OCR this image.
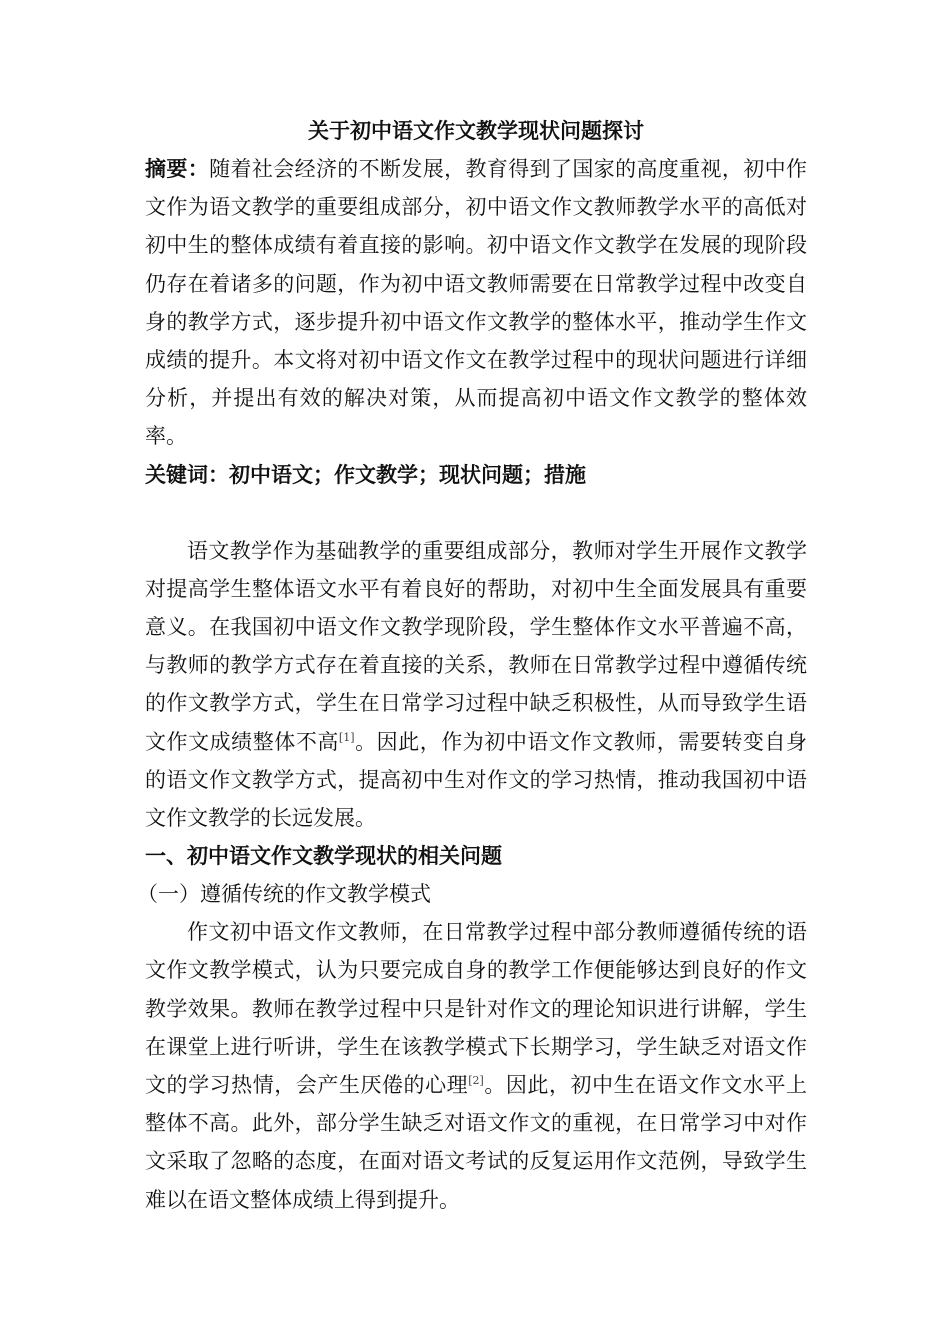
关于初中语文作文教学现状问题探讨

摘要：随着社会经济的不断发展，教育得到了国家的高度重视，初中作文作为语文教学的重要组成部分，初中语文作文教师教学水平的高低对初中生的整体成绩有着直接的影响。初中语文作文教学在发展的现阶段仍存在着诸多的问题，作为初中语文教师需要在日常教学过程中改变自身的教学方式，逐步提升初中语文作文教学的整体水平，推动学生作文成绩的提升。本文将对初中语文作文在教学过程中的现状问题进行详细分析，并提出有效的解决对策，从而提高初中语文作文教学的整体效率。

关键词：初中语文；作文教学；现状问题；措施

语文教学作为基础教学的重要组成部分，教师对学生开展作文教学对提高学生整体语文水平有着良好的帮助，对初中生全面发展具有重要意义。在我国初中语文作文教学现阶段，学生整体作文水平普遍不高，与教师的教学方式存在着直接的关系，教师在日常教学过程中遵循传统的作文教学方式，学生在日常学习过程中缺乏积极性，从而导致学生语文作文成绩整体不高[1]。因此，作为初中语文作文教师，需要转变自身的语文作文教学方式，提高初中生对作文的学习热情，推动我国初中语文作文教学的长远发展。

一、初中语文作文教学现状的相关问题

（一）遵循传统的作文教学模式

作文初中语文作文教师，在日常教学过程中部分教师遵循传统的语文作文教学模式，认为只要完成自身的教学工作便能够达到良好的作文教学效果。教师在教学过程中只是针对作文的理论知识进行讲解，学生在课堂上进行听讲，学生在该教学模式下长期学习，学生缺乏对语文作文的学习热情，会产生厌倦的心理[2]。因此，初中生在语文作文水平上整体不高。此外，部分学生缺乏对语文作文的重视，在日常学习中对作文采取了忽略的态度，在面对语文考试的反复运用作文范例，导致学生难以在语文整体成绩上得到提升。
